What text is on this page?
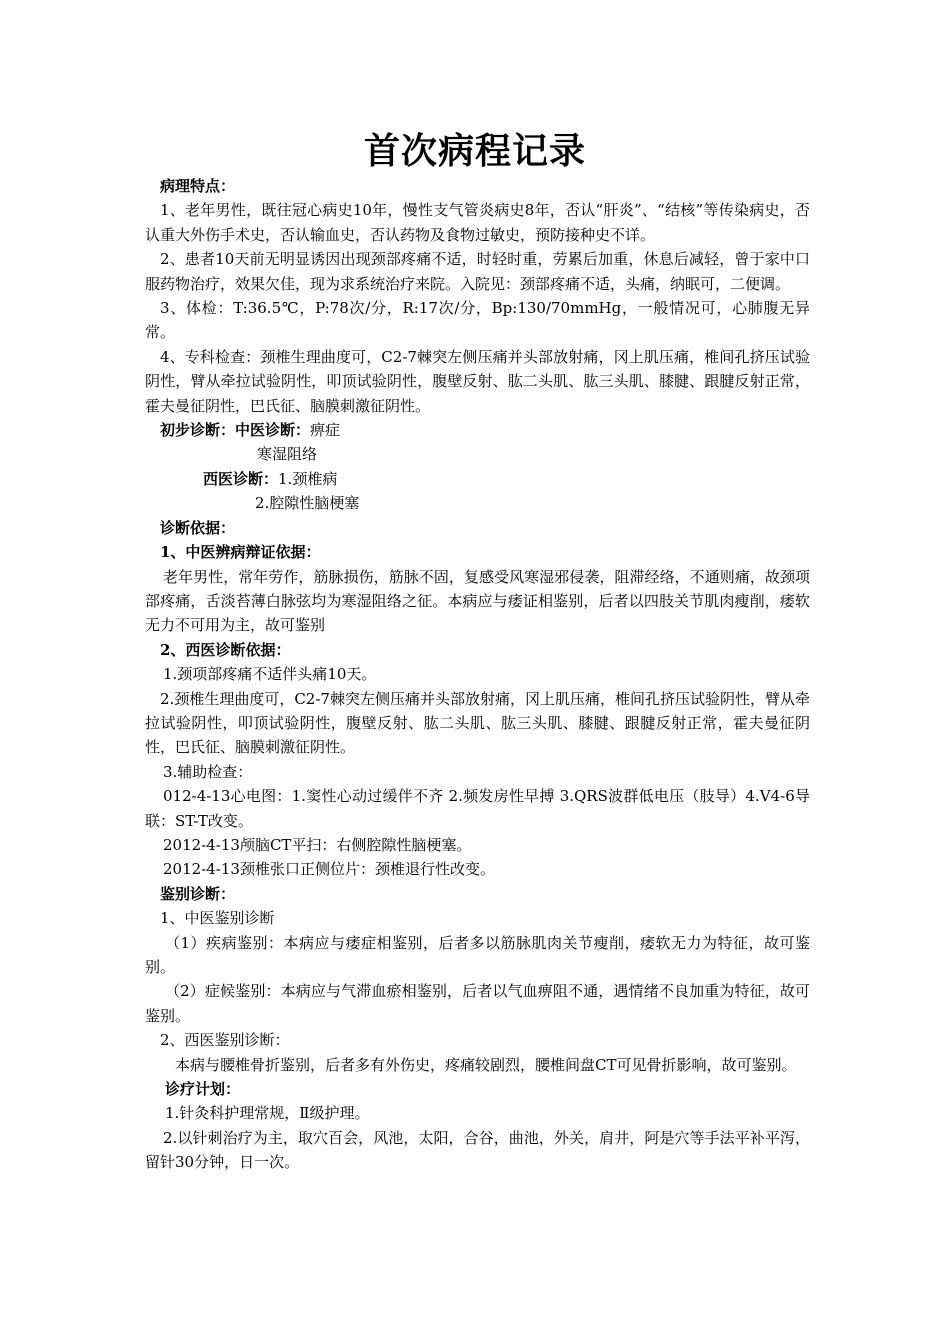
首次病程记录

病理特点：

1、老年男性，既往冠心病史10年，慢性支气管炎病史8年，否认“肝炎”、“结核”等传染病史，否认重大外伤手术史，否认输血史，否认药物及食物过敏史，预防接种史不详。

2、患者10天前无明显诱因出现颈部疼痛不适，时轻时重，劳累后加重，休息后减轻，曾于家中口服药物治疗，效果欠佳，现为求系统治疗来院。入院见：颈部疼痛不适，头痛，纳眠可，二便调。

3、体检：T:36.5℃，P:78次/分，R:17次/分，Bp:130/70mmHg，一般情况可，心肺腹无异常。

4、专科检查：颈椎生理曲度可，C2-7棘突左侧压痛并头部放射痛，冈上肌压痛，椎间孔挤压试验阴性，臂从牵拉试验阴性，叩顶试验阴性，腹壁反射、肱二头肌、肱三头肌、膝腱、跟腱反射正常，霍夫曼征阴性，巴氏征、脑膜刺激征阴性。

初步诊断：中医诊断：痹症

寒湿阻络

西医诊断：1.颈椎病

2.腔隙性脑梗塞

诊断依据：

1、中医辨病辩证依据：

老年男性，常年劳作，筋脉损伤，筋脉不固，复感受风寒湿邪侵袭，阻滞经络，不通则痛，故颈项部疼痛，舌淡苔薄白脉弦均为寒湿阻络之征。本病应与痿证相鉴别，后者以四肢关节肌肉瘦削，痿软无力不可用为主，故可鉴别

2、西医诊断依据：

1.颈项部疼痛不适伴头痛10天。

2.颈椎生理曲度可，C2-7棘突左侧压痛并头部放射痛，冈上肌压痛，椎间孔挤压试验阴性，臂从牵拉试验阴性，叩顶试验阴性，腹壁反射、肱二头肌、肱三头肌、膝腱、跟腱反射正常，霍夫曼征阴性，巴氏征、脑膜刺激征阴性。

3.辅助检查：

012-4-13心电图：1.窦性心动过缓伴不齐 2.频发房性早搏 3.QRS波群低电压（肢导）4.V4-6导联：ST-T改变。

2012-4-13颅脑CT平扫：右侧腔隙性脑梗塞。

2012-4-13颈椎张口正侧位片：颈椎退行性改变。

鉴别诊断：

1、中医鉴别诊断

（1）疾病鉴别：本病应与痿症相鉴别，后者多以筋脉肌肉关节瘦削，痿软无力为特征，故可鉴别。

（2）症候鉴别：本病应与气滞血瘀相鉴别，后者以气血痹阻不通，遇情绪不良加重为特征，故可鉴别。

2、西医鉴别诊断：

本病与腰椎骨折鉴别，后者多有外伤史，疼痛较剧烈，腰椎间盘CT可见骨折影响，故可鉴别。

诊疗计划：

1.针灸科护理常规，Ⅱ级护理。

2.以针刺治疗为主，取穴百会，风池，太阳，合谷，曲池，外关，肩井，阿是穴等手法平补平泻，留针30分钟，日一次。
